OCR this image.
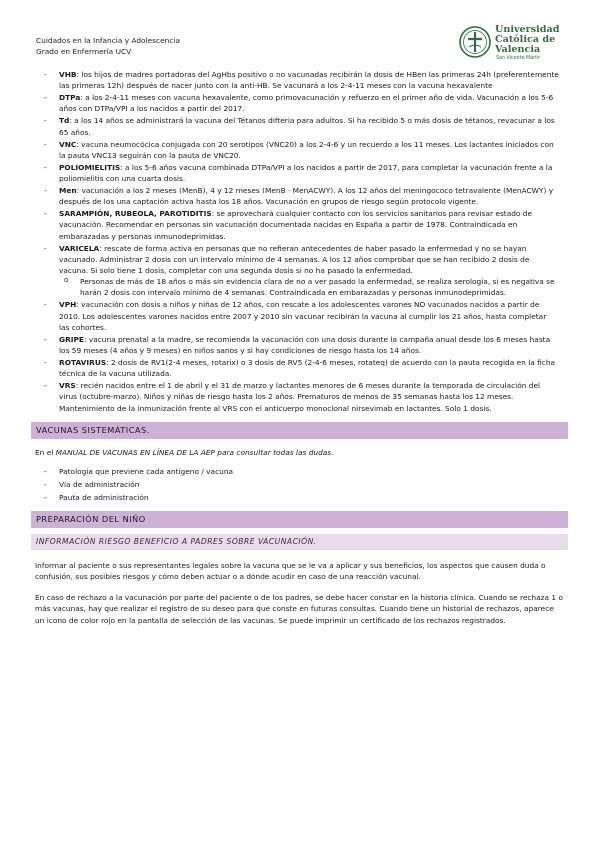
Cuidados en la Infancia y Adolescencia
Grado en Enfermería UCV
Universidad
Católica de
Valencia
San Vicente Mártir
- VHB: los hijos de madres portadoras del AgHbs positivo o no vacunadas recibirán la dosis de HBen las primeras 24h (preferentemente las primeras 12h) después de nacer junto con la anti-HB. Se vacunará a los 2-4-11 meses con la vacuna hexavalente
- DTPa: a los 2-4-11 meses con vacuna hexavalente, como primovacunación y refuerzo en el primer año de vida. Vacunación a los 5-6 años con DTPa/VPI a los nacidos a partir del 2017.
- Td: a los 14 años se administrará la vacuna del Tétanos difteria para adultos. Si ha recibido 5 o más dosis de tétanos, revacunar a los 65 años.
- VNC: vacuna neumocócica conjugada con 20 serotipos (VNC20) a los 2-4-6 y un recuerdo a los 11 meses. Los lactantes iniciados con la pauta VNC13 seguirán con la pauta de VNC20.
- POLIOMIELITIS: a los 5-6 años vacuna combinada DTPa/VPI a los nacidos a partir de 2017, para completar la vacunación frente a la poliomielitis con una cuarta dosis.
- Men: vacunación a los 2 meses (MenB), 4 y 12 meses (MenB · MenACWY). A los 12 años del meningococo tetravalente (MenACWY) y después de los una captación activa hasta los 18 años. Vacunación en grupos de riesgo según protocolo vigente.
- SARAMPIÓN, RUBEOLA, PAROTIDITIS: se aprovechará cualquier contacto con los servicios sanitarios para revisar estado de vacunación. Recomendar en personas sin vacunación documentada nacidas en España a partir de 1978. Contraindicada en embarazadas y personas inmunodeprimidas.
- VARICELA: rescate de forma activa en personas que no refieran antecedentes de haber pasado la enfermedad y no se hayan vacunado. Administrar 2 dosis con un intervalo mínimo de 4 semanas. A los 12 años comprobar que se han recibido 2 dosis de vacuna. Si solo tiene 1 dosis, completar con una segunda dosis si no ha pasado la enfermedad.
o Personas de más de 18 años o más sin evidencia clara de no a ver pasado la enfermedad, se realiza serología, si es negativa se harán 2 dosis con intervalo mínimo de 4 semanas. Contraindicada en embarazadas y personas inmunodeprimidas.
- VPH: vacunación con dosis a niños y niñas de 12 años, con rescate a los adolescentes varones NO vacunados nacidos a partir de 2010. Los adolescentes varones nacidos entre 2007 y 2010 sin vacunar recibirán la vacuna al cumplir los 21 años, hasta completar las cohortes.
- GRIPE: vacuna prenatal a la madre, se recomienda la vacunación con una dosis durante la campaña anual desde los 6 meses hasta los 59 meses (4 años y 9 meses) en niños sanos y si hay condiciones de riesgo hasta los 14 años.
- ROTAVIRUS: 2 dosis de RV1(2-4 meses, rotarix) o 3 dosis de RV5 (2-4-6 meses, rotateq) de acuerdo con la pauta recogida en la ficha técnica de la vacuna utilizada.
- VRS: recién nacidos entre el 1 de abril y el 31 de marzo y lactantes menores de 6 meses durante la temporada de circulación del virus (octubre-marzo). Niños y niñas de riesgo hasta los 2 años. Prematuros de menos de 35 semanas hasta los 12 meses. Mantenimiento de la inmunización frente al VRS con el anticuerpo monoclonal nirsevimab en lactantes. Solo 1 dosis.
VACUNAS SISTEMÁTICAS.

En el MANUAL DE VACUNAS EN LÍNEA DE LA AEP para consultar todas las dudas.

- Patología que previene cada antígeno / vacuna
- Vía de administración
- Pauta de administración
PREPARACIÓN DEL NIÑO
INFORMACIÓN RIESGO BENEFICIO A PADRES SOBRE VACUNACIÓN.

Informar al paciente o sus representantes legales sobre la vacuna que se le va a aplicar y sus beneficios, los aspectos que causen duda o confusión, sus posibles riesgos y cómo deben actuar o a dónde acudir en caso de una reacción vacunal.

En caso de rechazo a la vacunación por parte del paciente o de los padres, se debe hacer constar en la historia clínica. Cuando se rechaza 1 o más vacunas, hay que realizar el registro de su deseo para que conste en futuras consultas. Cuando tiene un historial de rechazos, aparece un icono de color rojo en la pantalla de selección de las vacunas. Se puede imprimir un certificado de los rechazos registrados.
